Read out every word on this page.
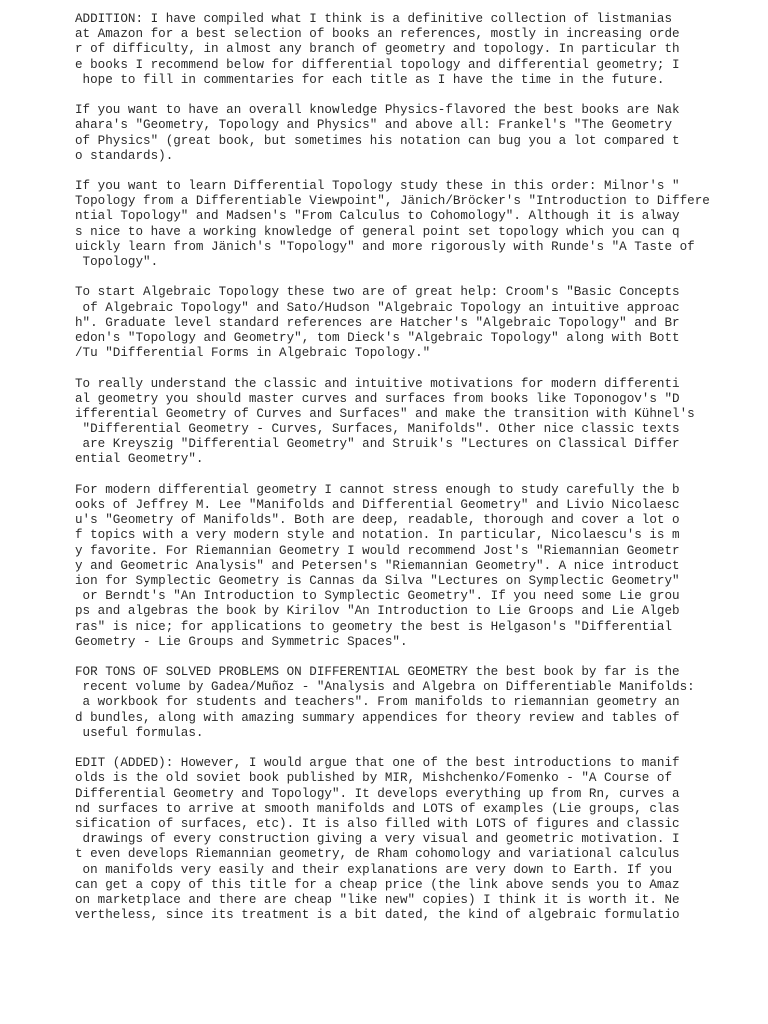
ADDITION: I have compiled what I think is a definitive collection of listmanias
at Amazon for a best selection of books an references, mostly in increasing orde
r of difficulty, in almost any branch of geometry and topology. In particular th
e books I recommend below for differential topology and differential geometry; I
hope to fill in commentaries for each title as I have the time in the future.
If you want to have an overall knowledge Physics-flavored the best books are Nak
ahara's "Geometry, Topology and Physics" and above all: Frankel's "The Geometry
of Physics" (great book, but sometimes his notation can bug you a lot compared t
o standards).
If you want to learn Differential Topology study these in this order: Milnor's "
Topology from a Differentiable Viewpoint", Jänich/Bröcker's "Introduction to Differe
ntial Topology" and Madsen's "From Calculus to Cohomology". Although it is alway
s nice to have a working knowledge of general point set topology which you can q
uickly learn from Jänich's "Topology" and more rigorously with Runde's "A Taste of
Topology".
To start Algebraic Topology these two are of great help: Croom's "Basic Concepts
of Algebraic Topology" and Sato/Hudson "Algebraic Topology an intuitive approac
h". Graduate level standard references are Hatcher's "Algebraic Topology" and Br
edon's "Topology and Geometry", tom Dieck's "Algebraic Topology" along with Bott
/Tu "Differential Forms in Algebraic Topology."
To really understand the classic and intuitive motivations for modern differenti
al geometry you should master curves and surfaces from books like Toponogov's "D
ifferential Geometry of Curves and Surfaces" and make the transition with Kühnel's
"Differential Geometry - Curves, Surfaces, Manifolds". Other nice classic texts
are Kreyszig "Differential Geometry" and Struik's "Lectures on Classical Differ
ential Geometry".
For modern differential geometry I cannot stress enough to study carefully the b
ooks of Jeffrey M. Lee "Manifolds and Differential Geometry" and Livio Nicolaesc
u's "Geometry of Manifolds". Both are deep, readable, thorough and cover a lot o
f topics with a very modern style and notation. In particular, Nicolaescu's is m
y favorite. For Riemannian Geometry I would recommend Jost's "Riemannian Geometr
y and Geometric Analysis" and Petersen's "Riemannian Geometry". A nice introduct
ion for Symplectic Geometry is Cannas da Silva "Lectures on Symplectic Geometry"
or Berndt's "An Introduction to Symplectic Geometry". If you need some Lie grou
ps and algebras the book by Kirilov "An Introduction to Lie Groops and Lie Algeb
ras" is nice; for applications to geometry the best is Helgason's "Differential
Geometry - Lie Groups and Symmetric Spaces".
FOR TONS OF SOLVED PROBLEMS ON DIFFERENTIAL GEOMETRY the best book by far is the
recent volume by Gadea/Muñoz - "Analysis and Algebra on Differentiable Manifolds:
a workbook for students and teachers". From manifolds to riemannian geometry an
d bundles, along with amazing summary appendices for theory review and tables of
useful formulas.
EDIT (ADDED): However, I would argue that one of the best introductions to manif
olds is the old soviet book published by MIR, Mishchenko/Fomenko - "A Course of
Differential Geometry and Topology". It develops everything up from Rn, curves a
nd surfaces to arrive at smooth manifolds and LOTS of examples (Lie groups, clas
sification of surfaces, etc). It is also filled with LOTS of figures and classic
drawings of every construction giving a very visual and geometric motivation. I
t even develops Riemannian geometry, de Rham cohomology and variational calculus
on manifolds very easily and their explanations are very down to Earth. If you
can get a copy of this title for a cheap price (the link above sends you to Amaz
on marketplace and there are cheap "like new" copies) I think it is worth it. Ne
vertheless, since its treatment is a bit dated, the kind of algebraic formulatio
